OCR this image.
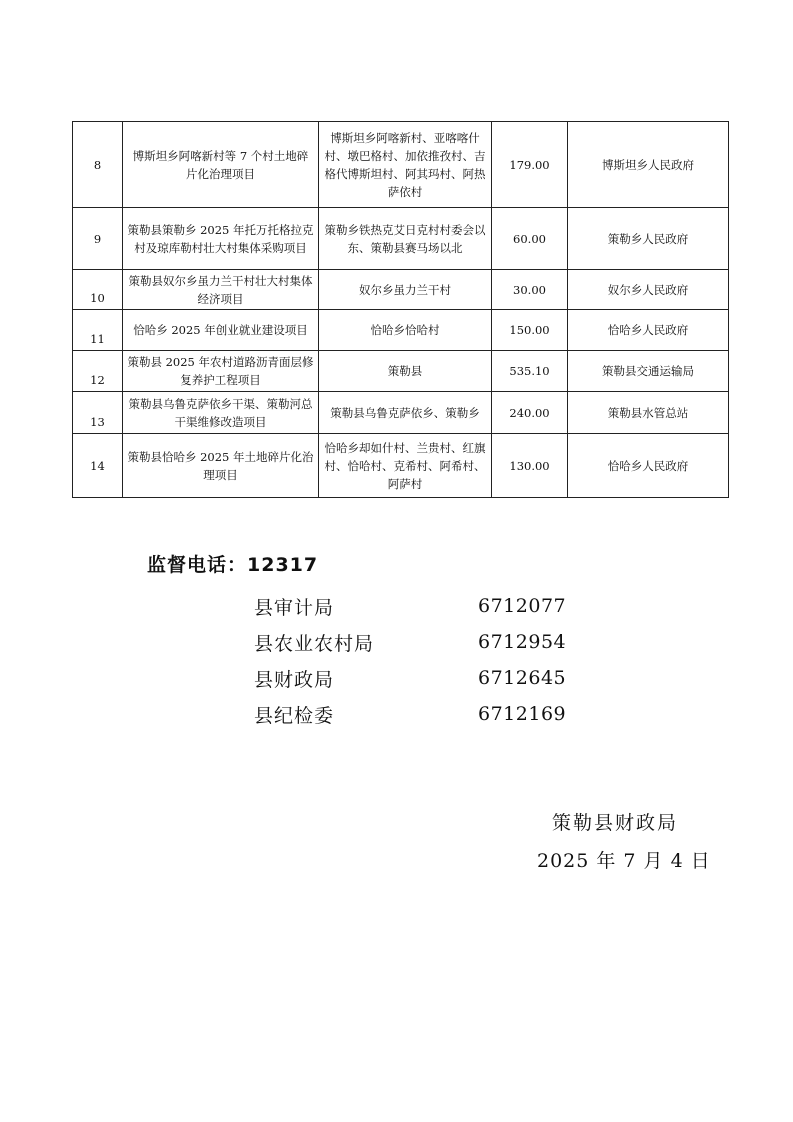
8	博斯坦乡阿喀新村等 7 个村土地碎片化治理项目	博斯坦乡阿喀新村、亚喀喀什村、墩巴格村、加依推孜村、吉格代博斯坦村、阿其玛村、阿热萨依村	179.00	博斯坦乡人民政府
9	策勒县策勒乡 2025 年托万托格拉克村及琼库勒村壮大村集体采购项目	策勒乡铁热克艾日克村村委会以东、策勒县赛马场以北	60.00	策勒乡人民政府
10	策勒县奴尔乡虽力兰干村壮大村集体经济项目	奴尔乡虽力兰干村	30.00	奴尔乡人民政府
11	恰哈乡 2025 年创业就业建设项目	恰哈乡恰哈村	150.00	恰哈乡人民政府
12	策勒县 2025 年农村道路沥青面层修复养护工程项目	策勒县	535.10	策勒县交通运输局
13	策勒县乌鲁克萨依乡干渠、策勒河总干渠维修改造项目	策勒县乌鲁克萨依乡、策勒乡	240.00	策勒县水管总站
14	策勒县恰哈乡 2025 年土地碎片化治理项目	恰哈乡却如什村、兰贵村、红旗村、恰哈村、克希村、阿希村、阿萨村	130.00	恰哈乡人民政府
监督电话：12317
县审计局	6712077
县农业农村局	6712954
县财政局	6712645
县纪检委	6712169
策勒县财政局
2025 年 7 月 4 日
